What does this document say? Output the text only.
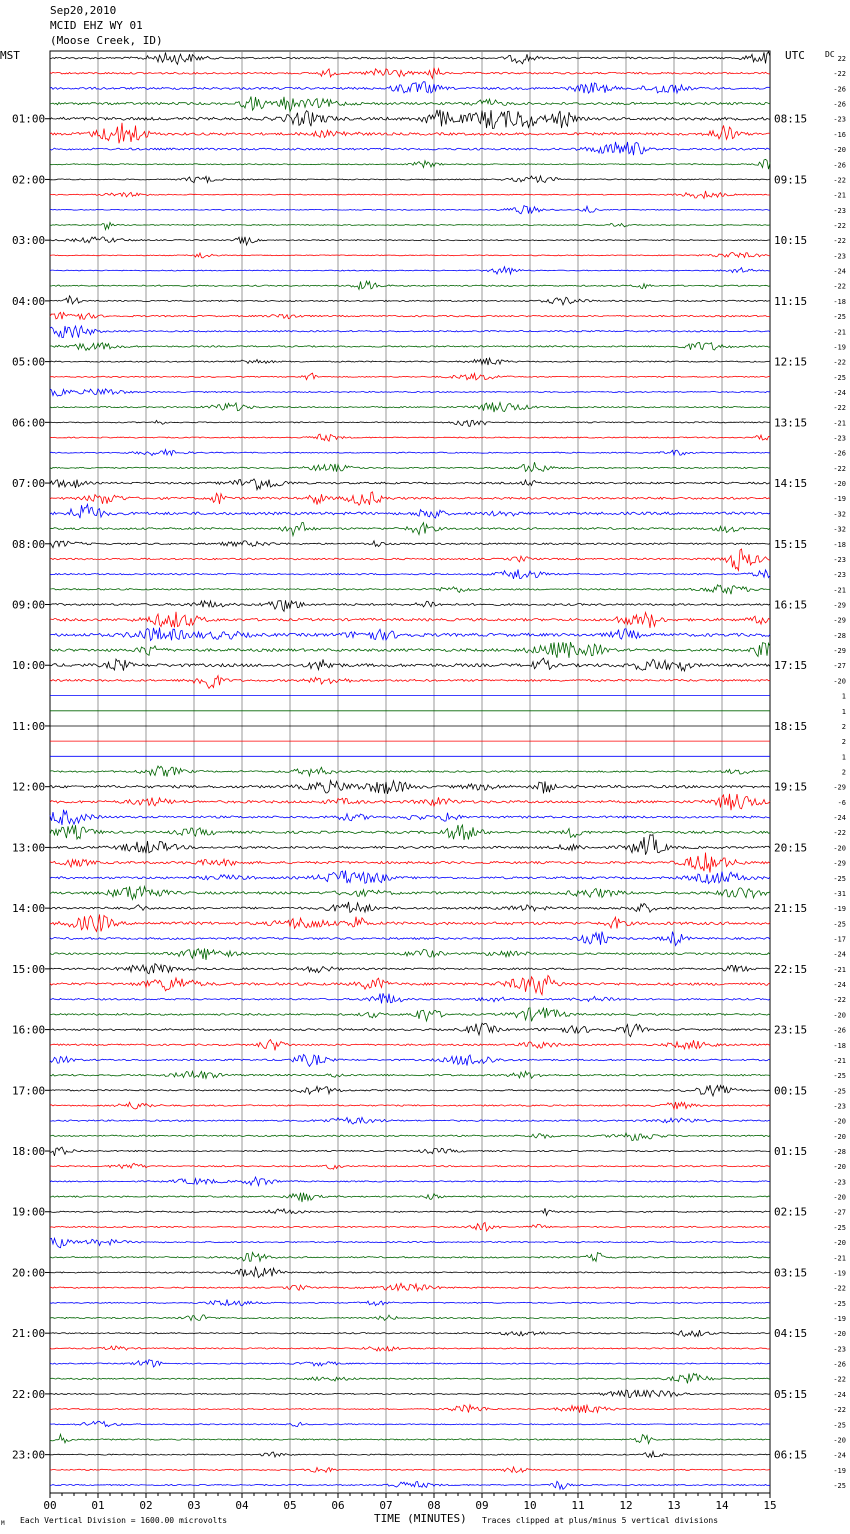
Sep20,2010
MCID EHZ WY 01
(Moose Creek, ID)
MST	UTC	DC
00	01	02	03	04	05	06	07	08	09	10	11	12	13	14	15
22
-22
-26
-26
-23
-16
-20
-26
-22
-21
-23
-22
-22
-23
-24
-22
-18
-25
-21
-19
-22
-25
-24
-22
-21
-23
-26
-22
-20
-19
-32
-32
-18
-23
-23
-21
-29
-29
-28
-29
-27
-20
1
1
2
2
1
2
-29
-6
-24
-22
-20
-29
-25
-31
-19
-25
-17
-24
-21
-24
-22
-20
-26
-18
-21
-25
-25
-23
-20
-20
-28
-20
-23
-20
-27
-25
-20
-21
-19
-22
-25
-19
-20
-23
-26
-22
-24
-22
-25
-20
-24
-19
-25
01:00
02:00
03:00
04:00
05:00
06:00
07:00
08:00
09:00
10:00
11:00
12:00
13:00
14:00
15:00
16:00
17:00
18:00
19:00
20:00
21:00
22:00
23:00
08:15
09:15
10:15
11:15
12:15
13:15
14:15
15:15
16:15
17:15
18:15
19:15
20:15
21:15
22:15
23:15
00:15
01:15
02:15
03:15
04:15
05:15
06:15
M Each Vertical Division = 1600.00 microvolts	TIME (MINUTES) Traces clipped at plus/minus 5 vertical divisions
